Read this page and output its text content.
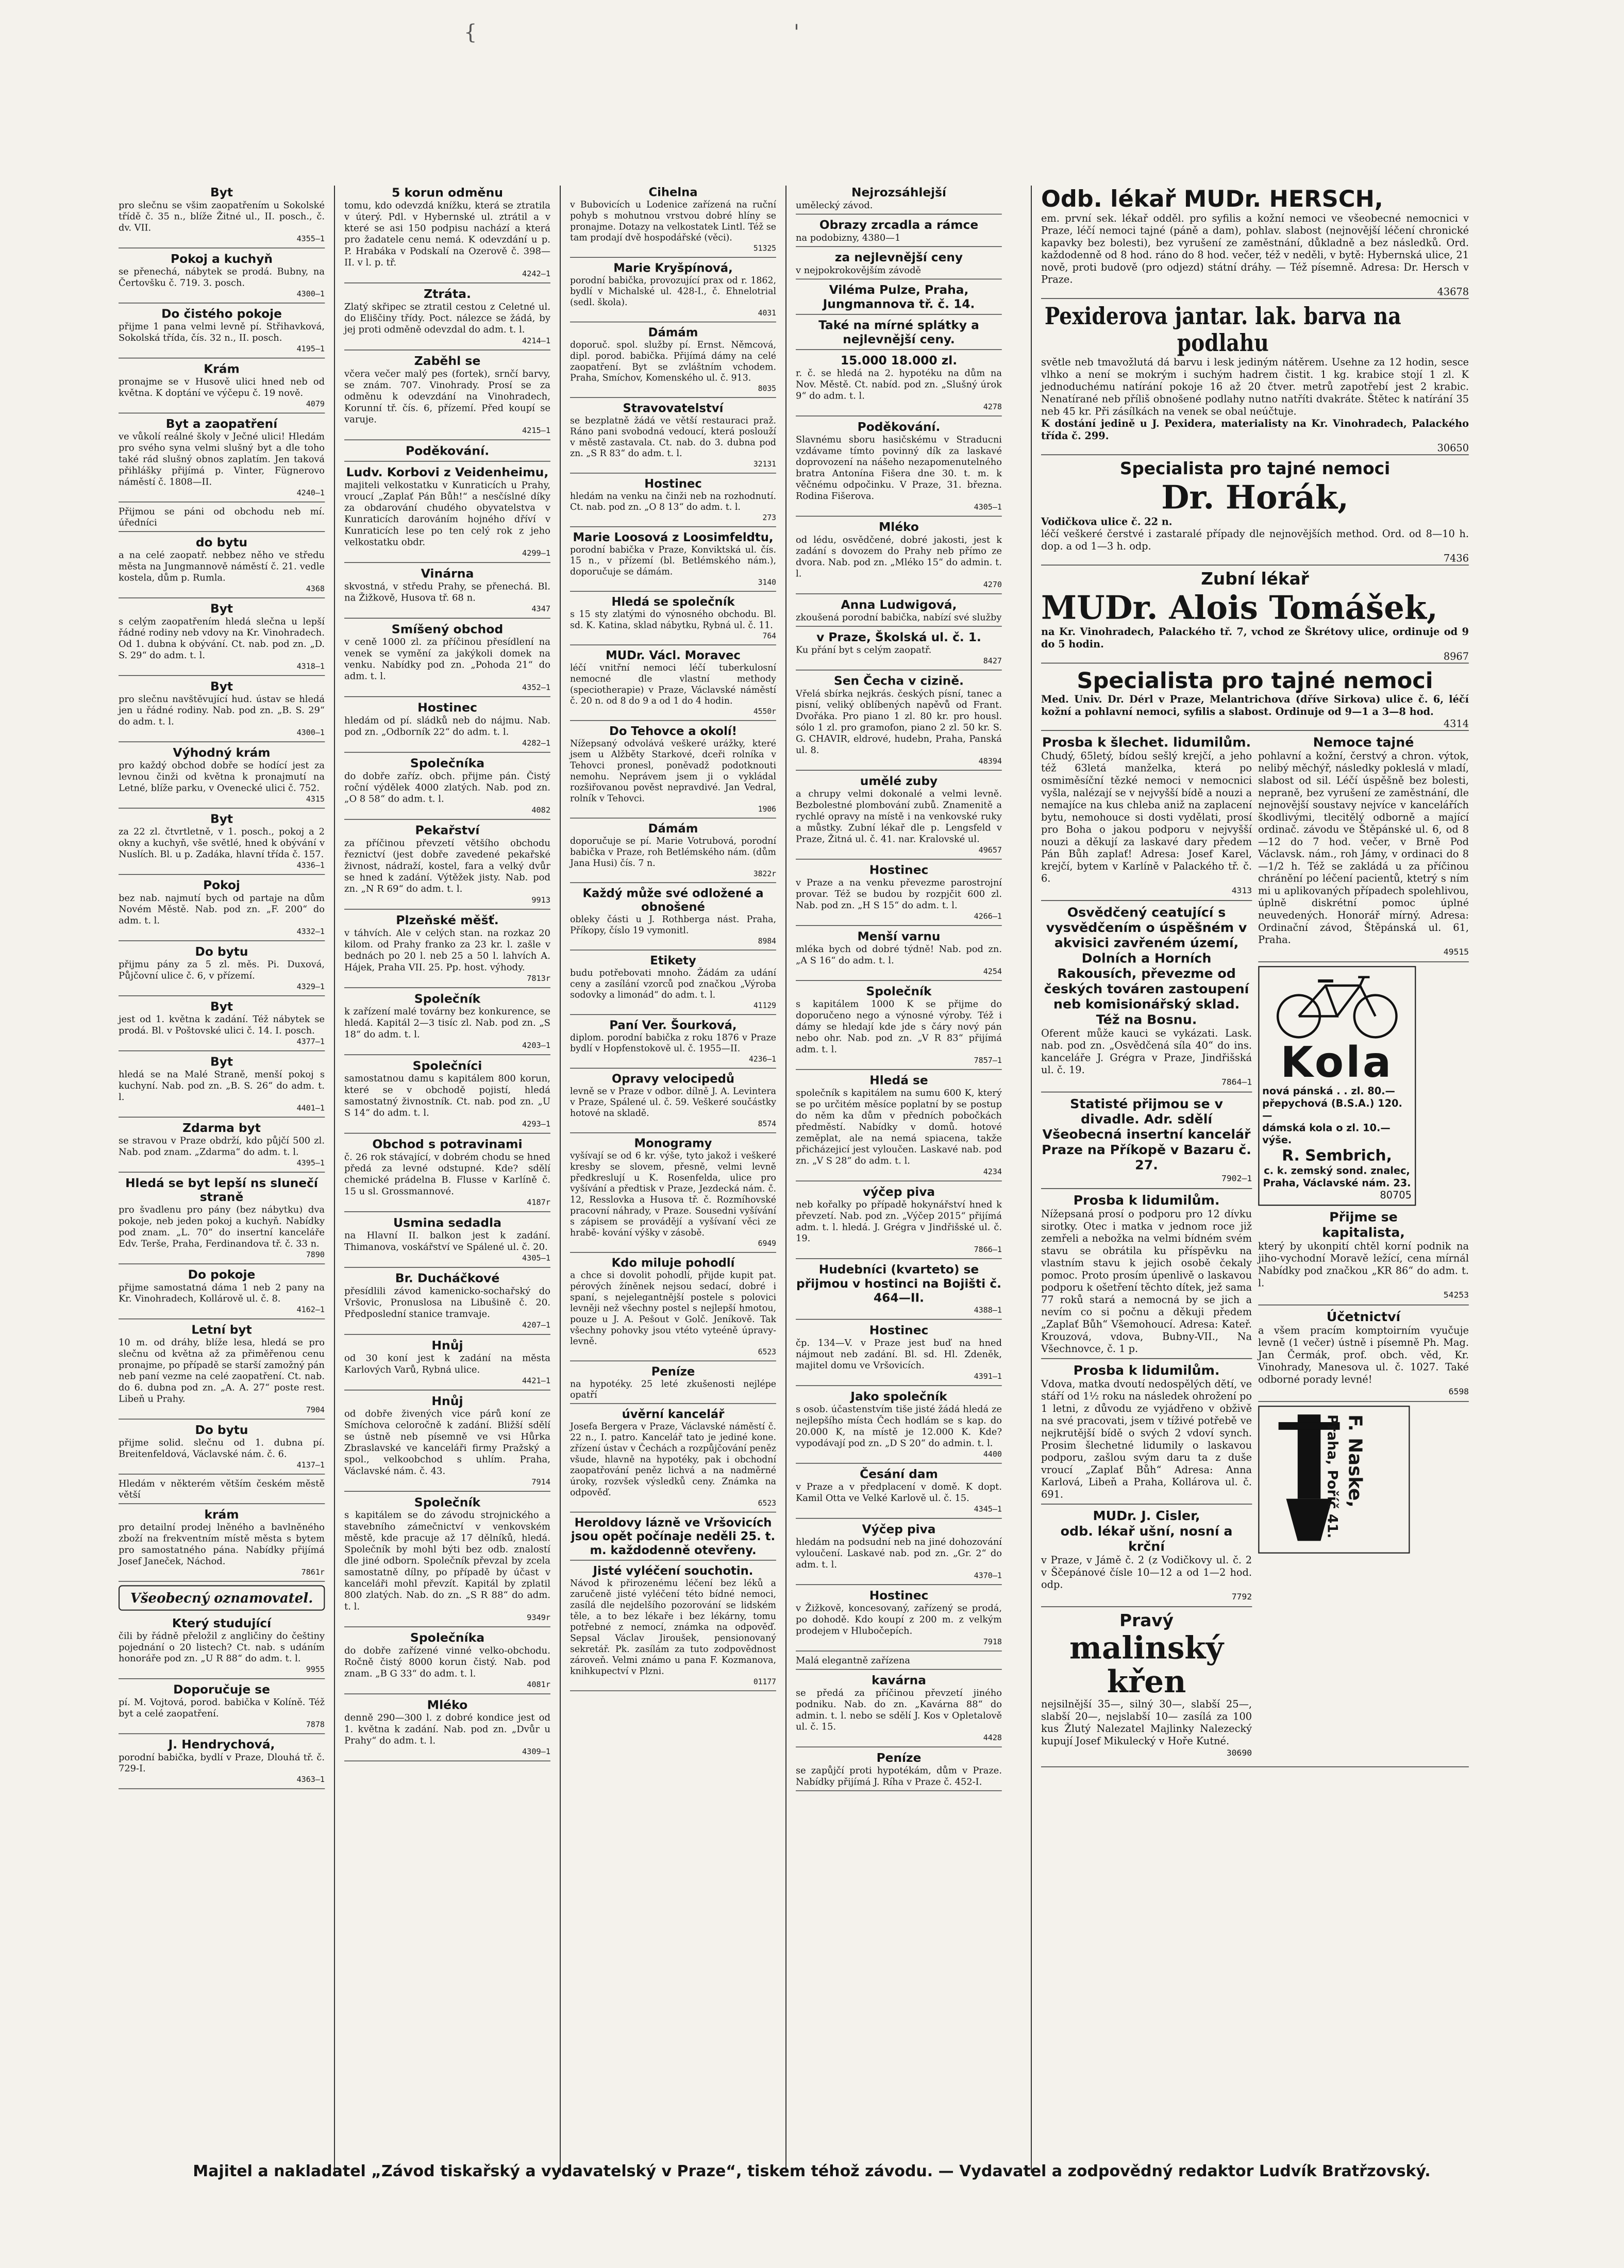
{	'
Byt
pro slečnu se všim zaopatřením u Sokolské třídě č. 35 n., blíže Žitné ul., II. posch., č. dv. VII.
4355—1
Pokoj a kuchyň
se přenechá, nábytek se prodá. Bubny, na Čertovšku č. 719. 3. posch.
4300—1
Do čistého pokoje
přijme 1 pana velmi levně pí. Střihavková, Sokolská třída, čís. 32 n., II. posch.
4195—1
Krám
pronajme se v Husově ulici hned neb od května. K doptání ve výčepu č. 19 nově.
4079
Byt a zaopatření
ve vůkolí reálné školy v Ječné ulici! Hledám pro svého syna velmi slušný byt a dle toho také rád slušný obnos zaplatím. Jen taková přihlášky přijímá p. Vinter, Fügnerovo náměstí č. 1808—II.
4240—1
Přijmou se páni od obchodu neb mí. úředníci
do bytu
a na celé zaopatř. nebbez něho ve středu města na Jungmannově náměstí č. 21. vedle kostela, dům p. Rumla.
4368
Byt
s celým zaopatřením hledá slečna u lepší řádné rodiny neb vdovy na Kr. Vinohradech. Od 1. dubna k obývání. Ct. nab. pod zn. „D. S. 29“ do adm. t. l.
4318—1
Byt
pro slečnu navštěvující hud. ústav se hledá jen u řádné rodiny. Nab. pod zn. „B. S. 29“ do adm. t. l.
4300—1
Výhodný krám
pro každý obchod dobře se hodící jest za levnou činži od května k pronajmutí na Letné, blíže parku, v Ovenecké ulici č. 752.
4315
Byt
za 22 zl. čtvrtletně, v 1. posch., pokoj a 2 okny a kuchyň, vše světlé, hned k obývání v Nuslích. Bl. u p. Zadáka, hlavní třída č. 157.
4336—1
Pokoj
bez nab. najmutí bych od partaje na dům Novém Městě. Nab. pod zn. „F. 200“ do adm. t. l.
4332—1
Do bytu
přijmu pány za 5 zl. měs. Pi. Duxová, Půjčovní ulice č. 6, v přízemí.
4329—1
Byt
jest od 1. května k zadání. Též nábytek se prodá. Bl. v Poštovské ulici č. 14. I. posch.
4377—1
Byt
hledá se na Malé Straně, menší pokoj s kuchyní. Nab. pod zn. „B. S. 26“ do adm. t. l.
4401—1
Zdarma byt
se stravou v Praze obdrží, kdo půjčí 500 zl. Nab. pod znam. „Zdarma“ do adm. t. l.
4395—1
Hledá se byt lepší ns slunečí straně
pro švadlenu pro pány (bez nábytku) dva pokoje, neb jeden pokoj a kuchyň. Nabídky pod znam. „L. 70“ do insertní kanceláře Edv. Terše, Praha, Ferdinandova tř. č. 33 n.
7890
Do pokoje
přijme samostatná dáma 1 neb 2 pany na Kr. Vinohradech, Kollárově ul. č. 8.
4162—1
Letní byt
10 m. od dráhy, blíže lesa, hledá se pro slečnu od května až za přiměřenou cenu pronajme, po případě se starší zamožný pán neb paní vezme na celé zaopatření. Ct. nab. do 6. dubna pod zn. „A. A. 27“ poste rest. Libeň u Prahy.
7904
Do bytu
přijme solid. slečnu od 1. dubna pí. Breitenfeldová, Václavské nám. č. 6.
4137—1
Hledám v některém větším českém městě větší
krám
pro detailní prodej lněného a bavlněného zboží na frekventním místě města s bytem pro samostatného pána. Nabídky přijímá Josef Janeček, Náchod.
7861r
Všeobecný oznamovatel.
Který studující
čili by řádně přeložil z angličiny do češtiny pojednání o 20 listech? Ct. nab. s udáním honoráře pod zn. „U R 88“ do adm. t. l.
9955
Doporučuje se
pí. M. Vojtová, porod. babička v Kolíně. Též byt a celé zaopatření.
7878
J. Hendrychová,
porodní babička, bydlí v Praze, Dlouhá tř. č. 729-I.
4363—1
5 korun odměnu
tomu, kdo odevzdá knížku, která se ztratila v úterý. Pdl. v Hybernské ul. ztrátil a v které se asi 150 podpisu nachází a která pro žadatele cenu nemá. K odevzdání u p. P. Hrabáka v Podskalí na Ozerově č. 398—II. v l. p. tř.
4242—1
Ztráta.
Zlatý skřipec se ztratil cestou z Celetné ul. do Eliščiny třídy. Poct. nálezce se žádá, by jej proti odměně odevzdal do adm. t. l.
4214—1
Zaběhl se
včera večer malý pes (fortek), srnčí barvy, se znám. 707. Vinohrady. Prosí se za odměnu k odevzdání na Vinohradech, Korunní tř. čís. 6, přízemí. Před koupí se varuje.
4215—1
Poděkování.
Ludv. Korbovi z Veidenheimu,
majiteli velkostatku v Kunraticích u Prahy, vroucí „Zaplať Pán Bůh!“ a nesčíslné díky za obdarování chudého obyvatelstva v Kunraticích darováním hojného dříví v Kunraticích lese po ten celý rok z jeho velkostatku obdr.
4299—1
Vinárna
skvostná, v středu Prahy, se přenechá. Bl. na Žižkově, Husova tř. 68 n.
4347
Smíšený obchod
v ceně 1000 zl. za příčinou přesídlení na venek se vymění za jakýkoli domek na venku. Nabídky pod zn. „Pohoda 21“ do adm. t. l.
4352—1
Hostinec
hledám od pí. sládků neb do nájmu. Nab. pod zn. „Odborník 22“ do adm. t. l.
4282—1
Společníka
do dobře zaříz. obch. přijme pán. Čistý roční výdělek 4000 zlatých. Nab. pod zn. „O 8 58“ do adm. t. l.
4082
Pekařství
za příčinou převzetí většího obchodu řeznictví (jest dobře zavedené pekařské živnost, nádraží, kostel, fara a velký dvůr se hned k zadání. Výtěžek jisty. Nab. pod zn. „N R 69“ do adm. t. l.
9913
Plzeňské měšť.
v táhvích. Ale v celých stan. na rozkaz 20 kilom. od Prahy franko za 23 kr. l. zašle v bednách po 20 l. neb 25 a 50 l. lahvích A. Hájek, Praha VII. 25. Pp. host. výhody.
7813r
Společník
k zařízení malé továrny bez konkurence, se hledá. Kapitál 2—3 tisíc zl. Nab. pod zn. „S 18“ do adm. t. l.
4203—1
Společníci
samostatnou damu s kapitálem 800 korun, které se v obchodě pojistí, hledá samostatný živnostník. Ct. nab. pod zn. „U S 14“ do adm. t. l.
4293—1
Obchod s potravinami
č. 26 rok stávající, v dobrém chodu se hned předá za levné odstupné. Kde? sdělí chemické prádelna B. Flusse v Karlíně č. 15 u sl. Grossmannové.
4187r
Usmina sedadla
na Hlavní II. balkon jest k zadání. Thimanova, voskářství ve Spálené ul. č. 20.
4305—1
Br. Ducháčkové
přesídlili závod kamenicko-sochařský do Vršovic, Pronuslosa na Libušině č. 20. Předposlední stanice tramvaje.
4207—1
Hnůj
od 30 koní jest k zadání na města Karlových Varů, Rybná ulice.
4421—1
Hnůj
od dobře živených vice párů koní ze Smíchova celoročně k zadání. Bližší sdělí se ústně neb písemně ve vsi Hůrka Zbraslavské ve kanceláři firmy Pražský a spol., velkoobchod s uhlím. Praha, Václavské nám. č. 43.
7914
Společník
s kapitálem se do závodu strojnického a stavebního zámečnictví v venkovském městě, kde pracuje až 17 dělníků, hledá. Společník by mohl býti bez odb. znalostí dle jiné odborn. Společník převzal by zcela samostatně dílny, po případě by účast v kanceláři mohl převzít. Kapitál by zplatil 800 zlatých. Nab. do zn. „S R 88“ do adm. t. l.
9349r
Společníka
do dobře zařízené vinné velko-obchodu. Ročně čistý 8000 korun čistý. Nab. pod znam. „B G 33“ do adm. t. l.
4081r
Mléko
denně 290—300 l. z dobré kondice jest od 1. května k zadání. Nab. pod zn. „Dvůr u Prahy“ do adm. t. l.
4309—1
Cihelna
v Bubovicích u Lodenice zařízená na ruční pohyb s mohutnou vrstvou dobré hlíny se pronajme. Dotazy na velkostatek Lintl. Též se tam prodají dvě hospodářské (věci).
51325
Marie Kryšpínová,
porodní babička, provozující prax od r. 1862, bydlí v Michalské ul. 428-I., č. Ehnelotrial (sedl. škola).
4031
Dámám
doporuč. spol. služby pí. Ernst. Němcová, dipl. porod. babička. Přijímá dámy na celé zaopatření. Byt se zvláštním vchodem. Praha, Smíchov, Komenského ul. č. 913.
8035
Stravovatelství
se bezplatně žádá ve větší restauraci praž. Ráno pani svobodná vedoucí, která poslouží v městě zastavala. Ct. nab. do 3. dubna pod zn. „S R 83“ do adm. t. l.
32131
Hostinec
hledám na venku na činži neb na rozhodnutí. Ct. nab. pod zn. „O 8 13“ do adm. t. l.
273
Marie Loosová z Loosimfeldtu,
porodní babička v Praze, Konviktská ul. čís. 15 n., v přízemí (bl. Betlémského nám.), doporučuje se dámám.
3140
Hledá se společník
s 15 sty zlatými do výnosného obchodu. Bl. sd. K. Katina, sklad nábytku, Rybná ul. č. 11.
764
MUDr. Václ. Moravec
léčí vnitřní nemoci léčí tuberkulosní nemocné dle vlastní methody (speciotherapie) v Praze, Václavské náměstí č. 20 n. od 8 do 9 a od 1 do 4 hodin.
4550r
Do Tehovce a okolí!
Nížepsaný odvolává veškeré urážky, které jsem u Alžběty Starkové, dceři rolníka v Tehovci pronesl, poněvadž podotknouti nemohu. Neprávem jsem ji o vykládal rozšiřovanou pověst nepravdivé. Jan Vedral, rolník v Tehovci.
1906
Dámám
doporučuje se pí. Marie Votrubová, porodní babička v Praze, roh Betlémského nám. (dům Jana Husi) čís. 7 n.
3822r
Každý může své odložené a obnošené
obleky části u J. Rothberga nást. Praha, Příkopy, číslo 19 vymonitl.
8984
Etikety
budu potřebovati mnoho. Žádám za udání ceny a zasílání vzorců pod značkou „Výroba sodovky a limonád“ do adm. t. l.
41129
Paní Ver. Šourková,
diplom. porodní babička z roku 1876 v Praze bydlí v Hopfenstokově ul. č. 1955—II.
4236—1
Opravy velocipedů
levně se v Praze v odbor. dílně J. A. Levintera v Praze, Spálené ul. č. 59. Veškeré součástky hotové na skladě.
8574
Monogramy
vyšívají se od 6 kr. výše, tyto jakož i veškeré kresby se slovem, přesně, velmi levně předkreslují u K. Rosenfelda, ulice pro vyšívání a předtisk v Praze, Jezdecká nám. č. 12, Resslovka a Husova tř. č. Rozmíhovské pracovní náhrady, v Praze. Sousedni vyšívání s zápisem se provádějí a vyšívaní věci ze hrabě- kování výšky v zásobě.
6949
Kdo miluje pohodlí
a chce si dovolit pohodlí, přijde kupit pat. pérových žíněnek nejsou sedací, dobré i spaní, s nejelegantnější postele s polovici levněji než všechny postel s nejlepší hmotou, pouze u J. A. Pešout v Golč. Jeníkově. Tak všechny pohovky jsou vtéto vyteéně úpravy-levně.
6523
Peníze
na hypotéky. 25 leté zkušenosti nejlépe opatří
úvěrní kancelář
Josefa Bergera v Praze, Václavské náměstí č. 22 n., I. patro. Kancelář tato je jediné kone. zřízení ústav v Čechách a rozpůjčování peněz všude, hlavně na hypotéky, pak i obchodní zaopatřování peněz lichvá a na nadměrné úroky, rozvšek výsledků ceny. Známka na odpověď.
6523
Heroldovy lázně ve Vršovicích jsou opět počínaje neděli 25. t. m. každodenně otevřeny.
Jisté vyléčení souchotin.
Návod k přirozenému léčení bez léků a zaručeně jisté vyléčení této bídné nemoci, zasílá dle nejdelšího pozorování se lidském těle, a to bez lékaře i bez lékárny, tomu potřebné z nemocí, známka na odpověď. Sepsal Václav Jiroušek, pensionovaný sekretář. Pk. zasílám za tuto zodpovědnost zároveň. Velmi známo u pana F. Kozmanova, knihkupectví v Plzni.
01177
Nejrozsáhlejší
umělecký závod.
Obrazy zrcadla a rámce
na podobizny, 4380—1
za nejlevnější ceny
v nejpokrokovějším závodě
Viléma Pulze, Praha, Jungmannova tř. č. 14.
Také na mírné splátky a nejlevnější ceny.
15.000 18.000 zl.
r. č. se hledá na 2. hypotéku na dům na Nov. Městě. Ct. nabíd. pod zn. „Slušný úrok 9“ do adm. t. l.
4278
Poděkování.
Slavnému sboru hasičskému v Straducni vzdávame tímto povinný dík za laskavé doprovození na nášeho nezapomenutelného bratra Antonína Fišera dne 30. t. m. k věčnému odpočinku. V Praze, 31. března. Rodina Fišerova.
4305—1
Mléko
od lédu, osvědčené, dobré jakosti, jest k zadání s dovozem do Prahy neb přímo ze dvora. Nab. pod zn. „Mléko 15“ do admin. t. l.
4270
Anna Ludwigová,
zkoušená porodní babička, nabízí své služby
v Praze, Školská ul. č. 1.
Ku přání byt s celým zaopatř.
8427
Sen Čecha v cizině.
Vřelá sbírka nejkrás. českých písní, tanec a pisní, veliký oblíbených napěvů od Frant. Dvořáka. Pro piano 1 zl. 80 kr. pro housl. sólo 1 zl. pro gramofon, piano 2 zl. 50 kr. S. G. CHAVIR, eldrové, hudebn, Praha, Panská ul. 8.
48394
umělé zuby
a chrupy velmi dokonalé a velmi levně. Bezbolestné plombování zubů. Znamenitě a rychlé opravy na místě i na venkovské ruky a můstky. Zubní lékař dle p. Lengsfeld v Praze, Žitná ul. č. 41. nar. Kralovské ul.
49657
Hostinec
v Praze a na venku převezme parostrojní provar. Též se budou by rozpjčit 600 zl. Nab. pod zn. „H S 15“ do adm. t. l.
4266—1
Menší varnu
mléka bych od dobré týdně! Nab. pod zn. „A S 16“ do adm. t. l.
4254
Společník
s kapitálem 1000 K se přijme do doporučeno nego a výnosné výroby. Též i dámy se hledají kde jde s čáry nový pán nebo ohr. Nab. pod zn. „V R 83“ přijímá adm. t. l.
7857—1
Hledá se
společník s kapitálem na sumu 600 K, který se po určitém měsíce poplatní by se postup do něm ka dům v předních pobočkách předměstí. Nabídky v domů. hotové zeměplat, ale na nemá spiacena, takže přicházejicí jest vyloučen. Laskavé nab. pod zn. „V S 28“ do adm. t. l.
4234
výčep piva
neb kořalky po případě hokynářství hned k převzetí. Nab. pod zn. „Výčep 2015“ přijímá adm. t. l. hledá. J. Grégra v Jindřišské ul. č. 19.
7866—1
Hudebníci (kvarteto) se přijmou v hostinci na Bojišti č. 464—II.
4388—1
Hostinec
čp. 134—V. v Praze jest buď na hned nájmout neb zadání. Bl. sd. Hl. Zdeněk, majitel domu ve Vršovicích.
4391—1
Jako společník
s osob. účastenstvím tiše jisté žádá hledá ze nejlepšího místa Čech hodlám se s kap. do 20.000 K, na místě je 12.000 K. Kde? vypodávají pod zn. „D S 20“ do admin. t. l.
4400
Česání dam
v Praze a v předplacení v domě. K dopt. Kamil Otta ve Velké Karlově ul. č. 15.
4345—1
Výčep piva
hledám na podsudní neb na jiné dohozování vyloučení. Laskavé nab. pod zn. „Gr. 2“ do adm. t. l.
4370—1
Hostinec
v Žižkově, koncesovaný, zařízený se prodá, po dohodě. Kdo koupí z 200 m. z velkým prodejem v Hlubočepích.
7918
Malá elegantně zařízena
kavárna
se předá za příčinou převzetí jiného podniku. Nab. do zn. „Kavárna 88“ do admin. t. l. nebo se sdělí J. Kos v Opletalově ul. č. 15.
4428
Peníze
se zapůjčí proti hypotékám, dům v Praze. Nabídky přijímá J. Ríha v Praze č. 452-I.
Odb. lékař MUDr. HERSCH,
em. první sek. lékař odděl. pro syfilis a kožní nemoci ve všeobecné nemocnici v Praze, léčí nemoci tajné (páně a dam), pohlav. slabost (nejnovější léčení chronické kapavky bez bolesti), bez vyrušení ze zaměstnání, důkladně a bez následků. Ord. každodenně od 8 hod. ráno do 8 hod. večer, též v neděli, v bytě: Hybernská ulice, 21 nově, proti budově (pro odjezd) státní dráhy. — Též písemně. Adresa: Dr. Hersch v Praze.
43678
Pexiderova jantar. lak. barva na podlahu
světle neb tmavožlutá dá barvu i lesk jediným nátěrem. Usehne za 12 hodin, sesce vlhko a není se mokrým i suchým hadrem čistit. 1 kg. krabice stojí 1 zl. K jednoduchému natírání pokoje 16 až 20 čtver. metrů zapotřebí jest 2 krabic. Nenatírané neb příliš obnošené podlahy nutno natříti dvakráte. Štětec k natírání 35 neb 45 kr. Při zásílkách na venek se obal neúčtuje.
K dostání jedině u J. Pexidera, materialisty na Kr. Vinohradech, Palackého třída č. 299.
30650
Specialista pro tajné nemoci
Dr. Horák,
Vodičkova ulice č. 22 n.
léčí veškeré čerstvé i zastaralé případy dle nejnovějších method. Ord. od 8—10 h. dop. a od 1—3 h. odp.
7436
Zubní lékař
MUDr. Alois Tomášek,
na Kr. Vinohradech, Palackého tř. 7, vchod ze Škrétovy ulice, ordinuje od 9 do 5 hodin.
8967
Specialista pro tajné nemoci
Med. Univ. Dr. Dérl v Praze, Melantrichova (dříve Sirkova) ulice č. 6, léčí kožní a pohlavní nemoci, syfilis a slabost. Ordinuje od 9—1 a 3—8 hod.
4314
Prosba k šlechet. lidumilům.
Chudý, 65letý, bídou sešlý krejčí, a jeho též 63letá manželka, která po osmiměsíční tězké nemoci v nemocnici vyšla, nalézají se v nejvyšší bídě a nouzi a nemajíce na kus chleba aniž na zaplacení bytu, nemohouce si dosti vydělati, prosí pro Boha o jakou podporu v nejvyšší nouzi a děkují za laskavé dary předem Pán Bůh zaplať! Adresa: Josef Karel, krejčí, bytem v Karlíně v Palackého tř. č. 6.
4313
Osvědčený ceatující s vysvědčením o úspěšném v akvisici zavřeném území, Dolních a Horních Rakousích, převezme od českých továren zastoupení neb komisionářský sklad. Též na Bosnu.
Oferent může kauci se vykázati. Lask. nab. pod zn. „Osvědčená síla 40“ do ins. kanceláře J. Grégra v Praze, Jindřišská ul. č. 19.
7864—1
Statisté přijmou se v divadle. Adr. sdělí Všeobecná insertní kancelář Praze na Příkopě v Bazaru č. 27.
7902—1
Prosba k lidumilům.
Nížepsaná prosí o podporu pro 12 dívku sirotky. Otec i matka v jednom roce již zemřeli a nebožka na velmi bídném svém stavu se obrátila ku příspěvku na vlastním stavu k jejich osobě čekaly pomoc. Proto prosím úpenlivě o laskavou podporu k ošetření těchto dítek, jež sama 77 roků stará a nemocná by se jich a nevím co si počnu a děkuji předem „Zaplať Bůh“ Všemohoucí. Adresa: Kateř. Krouzová, vdova, Bubny-VII., Na Všechnovce, č. 1 p.
Prosba k lidumilům.
Vdova, matka dvoutí nedospělých dětí, ve stáří od 1½ roku na následek ohrožení po 1 letni, z důvodu ze vyjádřeno v obživě na své pracovati, jsem v tíživé potřebě ve nejkrutější bídě o svých 2 vdoví synch. Prosim šlechetné lidumily o laskavou podporu, zašlou svým daru ta z duše vroucí „Zaplať Bůh“ Adresa: Anna Karlová, Libeň a Praha, Kollárova ul. č. 691.
MUDr. J. Cisler,
odb. lékař ušní, nosní a krční
v Praze, v Jámě č. 2 (z Vodičkovy ul. č. 2 v Ščepánové čísle 10—12 a od 1—2 hod. odp.
7792
Pravý
malinský křen
nejsilnější 35—, silný 30—, slabší 25—, slabší 20—, nejslabší 10— zasílá za 100 kus Žlutý Nalezatel Majlinky Nalezecký kupují Josef Mikulecký v Hoře Kutné.
30690
Nemoce tajné
pohlavní a kožní, čerstvý a chron. výtok, nelibý měchýř, následky pokleslá v mladí, slabost od sil. Léčí úspěšně bez bolesti, nepraně, bez vyrušení ze zaměstnání, dle nejnovější soustavy nejvíce v kancelářích škodlivými, tlecitělý odborně a mající ordinač. závodu ve Štěpánské ul. 6, od 8—12 do 7 hod. večer, v Brně Pod Václavsk. nám., roh Jámy, v ordinaci do 8—1/2 h. Též se zakládá u za příčinou chránění po léčení pacientů, ktetrý s ním mi u aplikovaných případech spolehlivou, úplně diskrétní pomoc úplné neuvedených. Honorář mírný. Adresa: Ordinační závod, Štěpánská ul. 61, Praha.
49515
Kola
nová pánská . . zl. 80.—
přepychová (B.S.A.) 120.—
dámská kola o zl. 10.—výše.
R. Sembrich,
c. k. zemský sond. znalec, Praha, Václavské nám. 23.
80705
Přijme se
kapitalista,
který by ukonpití chtěl korní podnik na jiho-vychodní Moravě ležící, cena mírnál Nabídky pod značkou „KR 86“ do adm. t. l.
54253
Účetnictví
a všem pracím komptoirním vyučuje levně (1 večer) ústně i písemně Ph. Mag. Jan Čermák, prof. obch. věd, Kr. Vinohrady, Manesova ul. č. 1027. Také odborné porady levné!
6598
F. Naske,
Praha, Poříč 41.
Majitel a nakladatel „Závod tiskařský a vydavatelský v Praze“, tiskem téhož závodu. — Vydavatel a zodpovědný redaktor Ludvík Bratřzovský.
